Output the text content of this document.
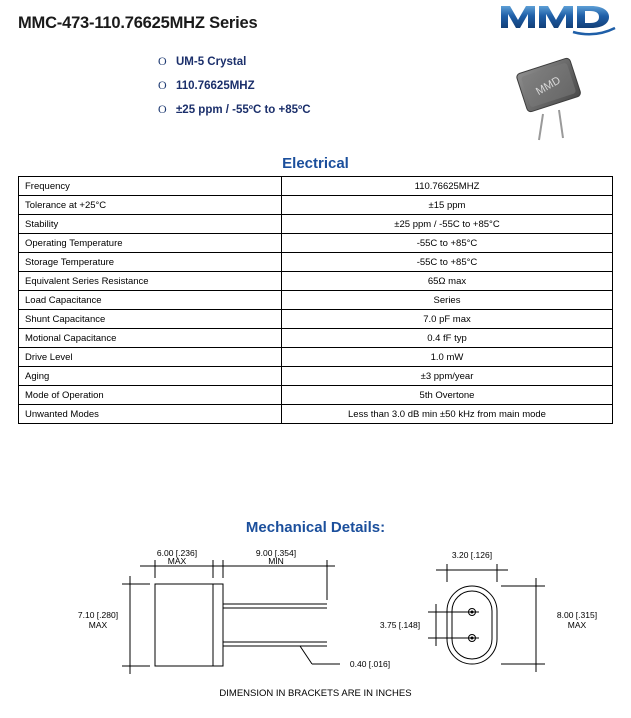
MMC-473-110.76625MHZ Series
O UM-5 Crystal
O 110.76625MHZ
O ±25 ppm / -55ºC to +85ºC
MMD
Electrical
Frequency	110.76625MHZ
Tolerance at +25°C	±15 ppm
Stability	±25 ppm / -55C to +85°C
Operating Temperature	-55C to +85°C
Storage Temperature	-55C to +85°C
Equivalent Series Resistance	65Ω max
Load Capacitance	Series
Shunt Capacitance	7.0 pF max
Motional Capacitance	0.4 fF typ
Drive Level	1.0 mW
Aging	±3 ppm/year
Mode of Operation	5th Overtone
Unwanted Modes	Less than 3.0 dB min ±50 kHz from main mode
Mechanical Details:
6.00 [.236]
MAX
9.00 [.354]
MIN
7.10 [.280]
MAX
0.40 [.016]
3.20 [.126]
3.75 [.148]
8.00 [.315]
MAX
DIMENSION IN BRACKETS ARE IN INCHES
